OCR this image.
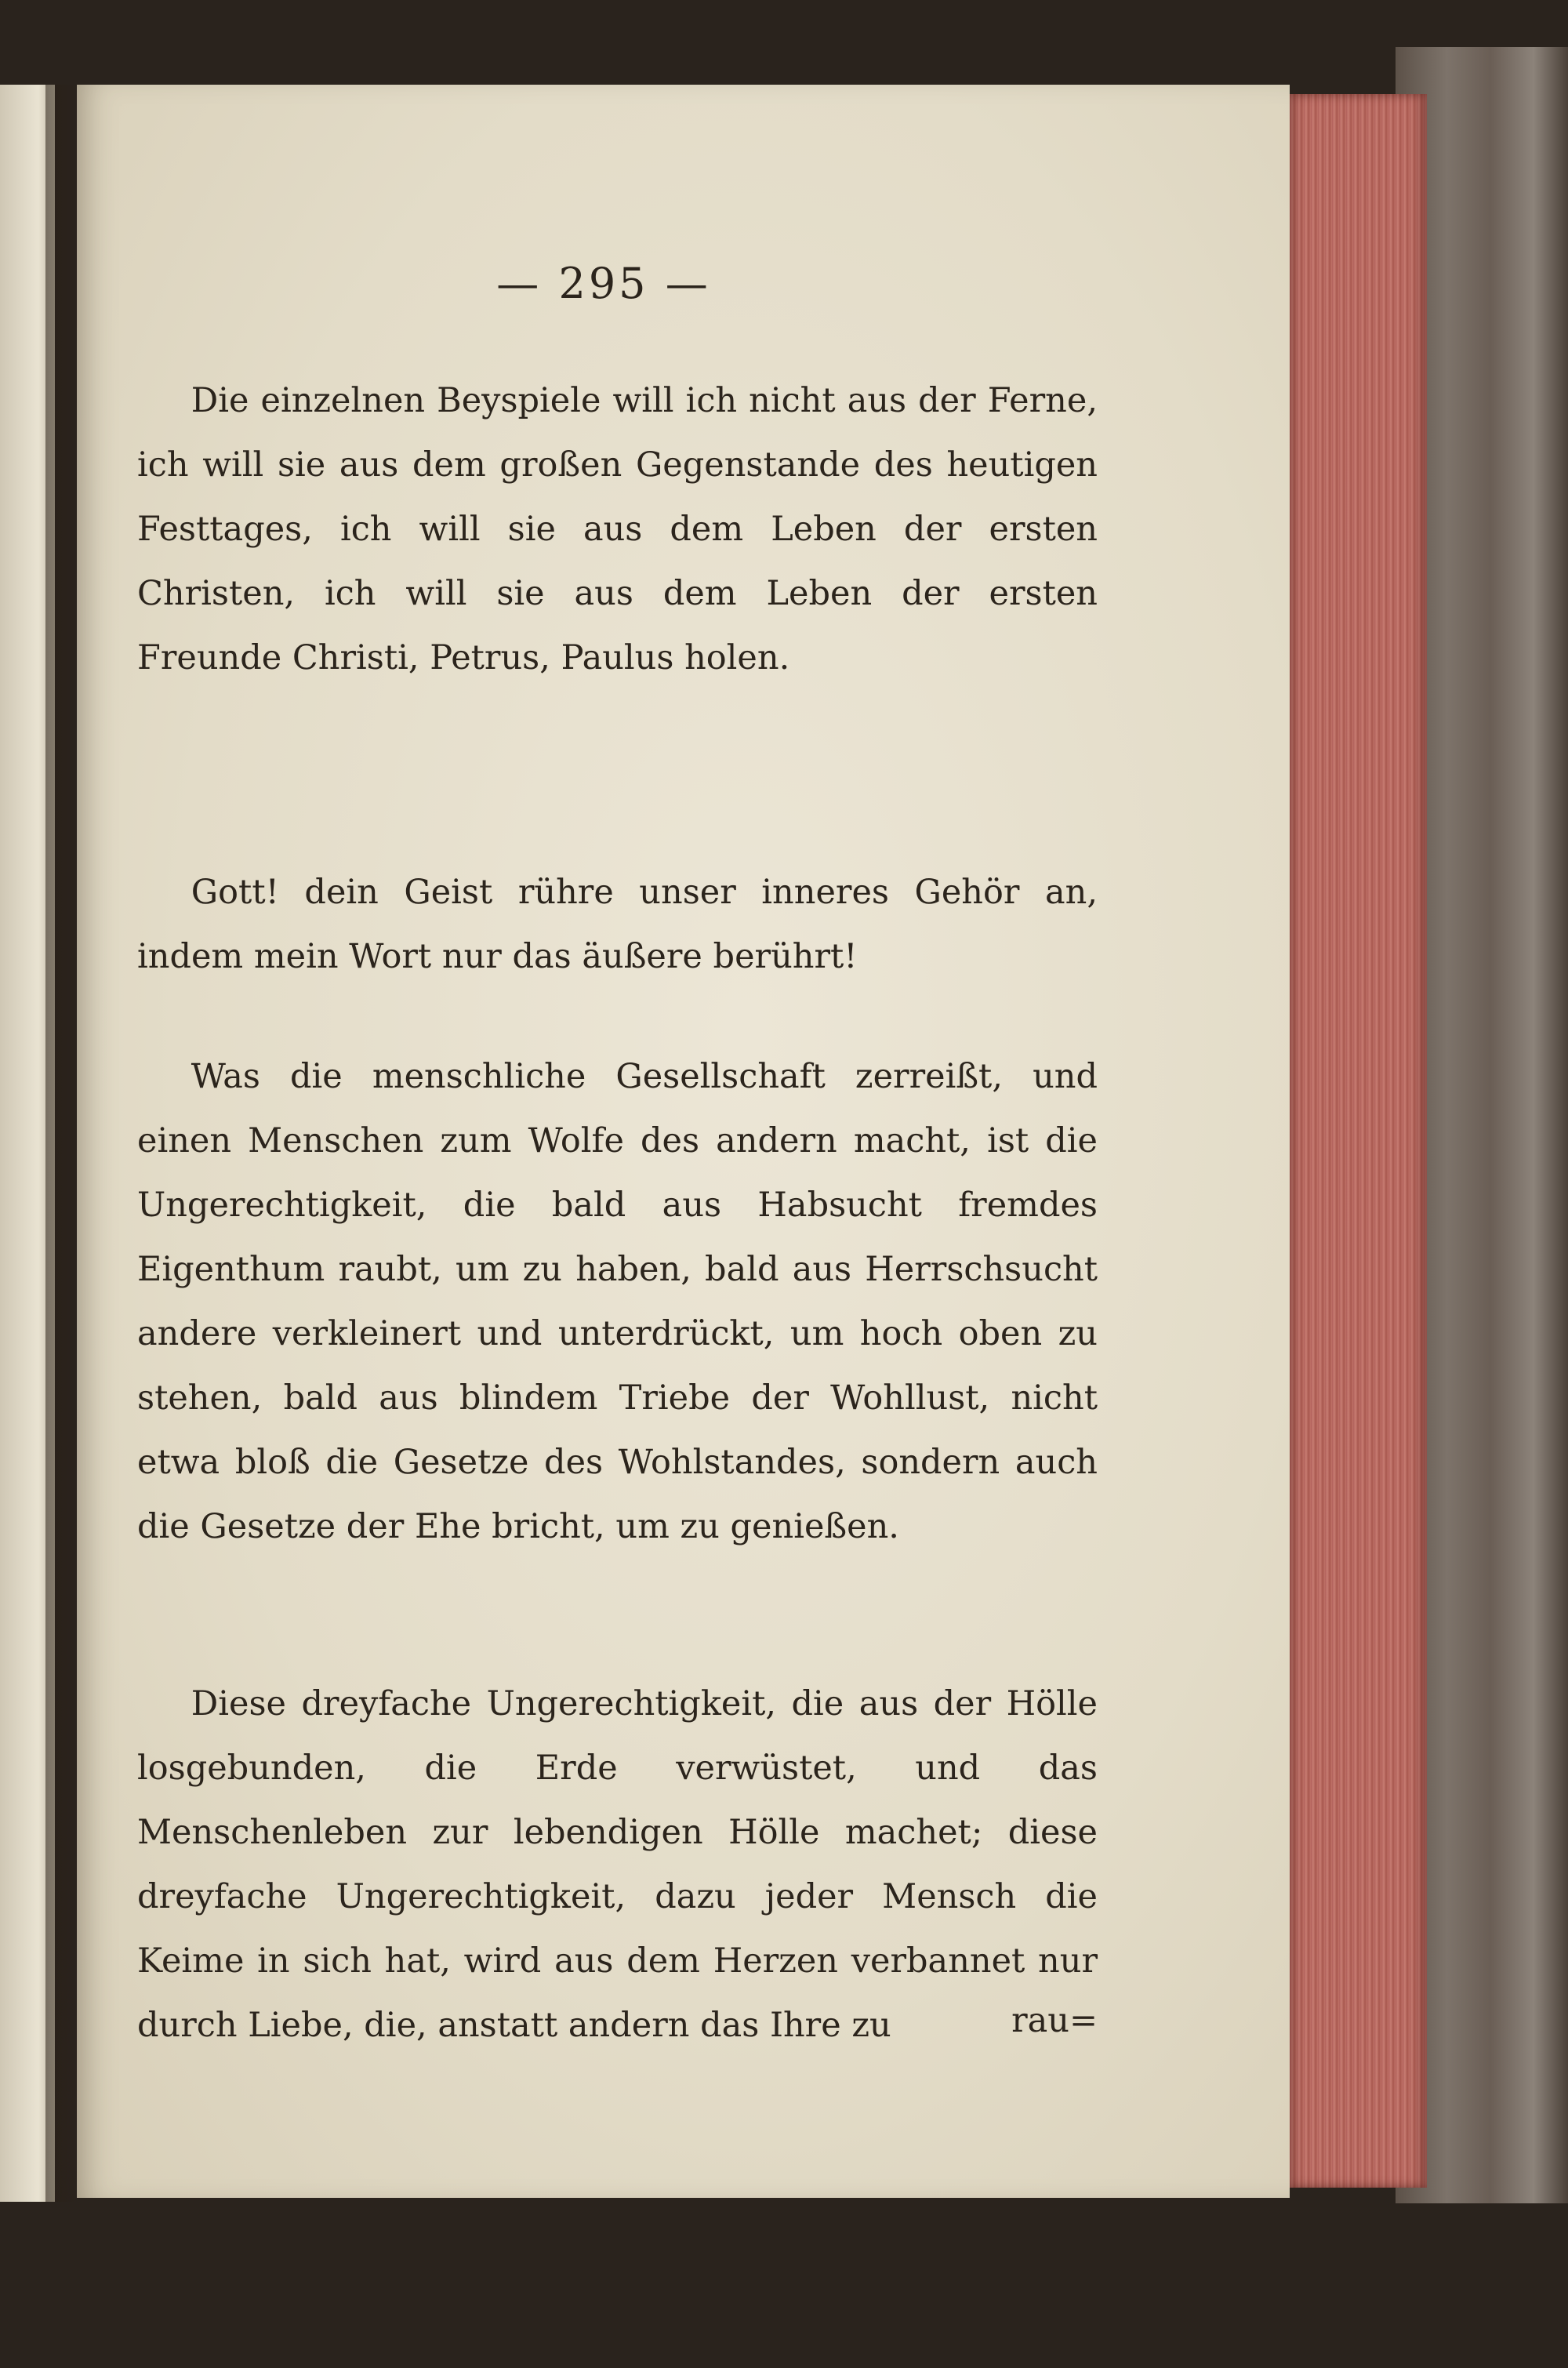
— 295 —

Die einzelnen Beyspiele will ich nicht aus der Ferne, ich will sie aus dem großen Gegenstande des heutigen Festtages, ich will sie aus dem Leben der ersten Christen, ich will sie aus dem Leben der ersten Freunde Christi, Petrus, Paulus holen.

Gott! dein Geist rühre unser inneres Gehör an, indem mein Wort nur das äußere berührt!

Was die menschliche Gesellschaft zerreißt, und einen Menschen zum Wolfe des andern macht, ist die Ungerechtigkeit, die bald aus Habsucht fremdes Eigenthum raubt, um zu haben, bald aus Herrschsucht andere verkleinert und unterdrückt, um hoch oben zu stehen, bald aus blindem Triebe der Wohllust, nicht etwa bloß die Gesetze des Wohlstandes, sondern auch die Gesetze der Ehe bricht, um zu genießen.

Diese dreyfache Ungerechtigkeit, die aus der Hölle losgebunden, die Erde verwüstet, und das Menschenleben zur lebendigen Hölle machet; diese dreyfache Ungerechtigkeit, dazu jeder Mensch die Keime in sich hat, wird aus dem Herzen verbannet nur durch Liebe, die, anstatt andern das Ihre zu	rau=
